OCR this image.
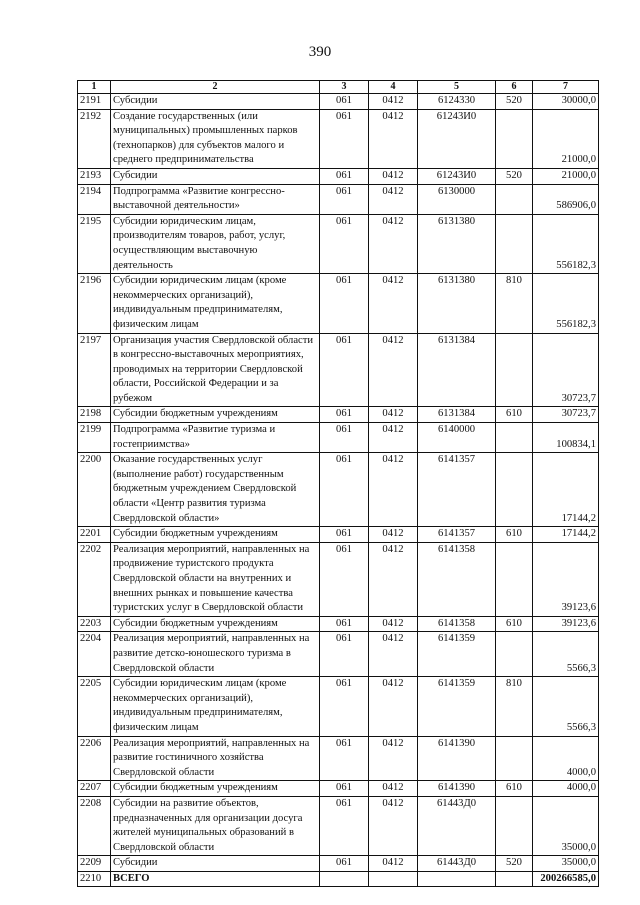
390
1	2	3	4	5	6	7
2191	Субсидии	061	0412	6124330	520	30000,0
2192	Создание государственных (или муниципальных) промышленных парков (технопарков) для субъектов малого и среднего предпринимательства	061	0412	61243И0		21000,0
2193	Субсидии	061	0412	61243И0	520	21000,0
2194	Подпрограмма «Развитие конгрессно-выставочной деятельности»	061	0412	6130000		586906,0
2195	Субсидии юридическим лицам, производителям товаров, работ, услуг, осуществляющим выставочную деятельность	061	0412	6131380		556182,3
2196	Субсидии юридическим лицам (кроме некоммерческих организаций), индивидуальным предпринимателям, физическим лицам	061	0412	6131380	810	556182,3
2197	Организация участия Свердловской области в конгрессно-выставочных мероприятиях, проводимых на территории Свердловской области, Российской Федерации и за рубежом	061	0412	6131384		30723,7
2198	Субсидии бюджетным учреждениям	061	0412	6131384	610	30723,7
2199	Подпрограмма «Развитие туризма и гостеприимства»	061	0412	6140000		100834,1
2200	Оказание государственных услуг (выполнение работ) государственным бюджетным учреждением Свердловской области «Центр развития туризма Свердловской области»	061	0412	6141357		17144,2
2201	Субсидии бюджетным учреждениям	061	0412	6141357	610	17144,2
2202	Реализация мероприятий, направленных на продвижение туристского продукта Свердловской области на внутренних и внешних рынках и повышение качества туристских услуг в Свердловской области	061	0412	6141358		39123,6
2203	Субсидии бюджетным учреждениям	061	0412	6141358	610	39123,6
2204	Реализация мероприятий, направленных на развитие детско-юношеского туризма в Свердловской области	061	0412	6141359		5566,3
2205	Субсидии юридическим лицам (кроме некоммерческих организаций), индивидуальным предпринимателям, физическим лицам	061	0412	6141359	810	5566,3
2206	Реализация мероприятий, направленных на развитие гостиничного хозяйства Свердловской области	061	0412	6141390		4000,0
2207	Субсидии бюджетным учреждениям	061	0412	6141390	610	4000,0
2208	Субсидии на развитие объектов, предназначенных для организации досуга жителей муниципальных образований в Свердловской области	061	0412	61443Д0		35000,0
2209	Субсидии	061	0412	61443Д0	520	35000,0
2210	ВСЕГО					200266585,0
